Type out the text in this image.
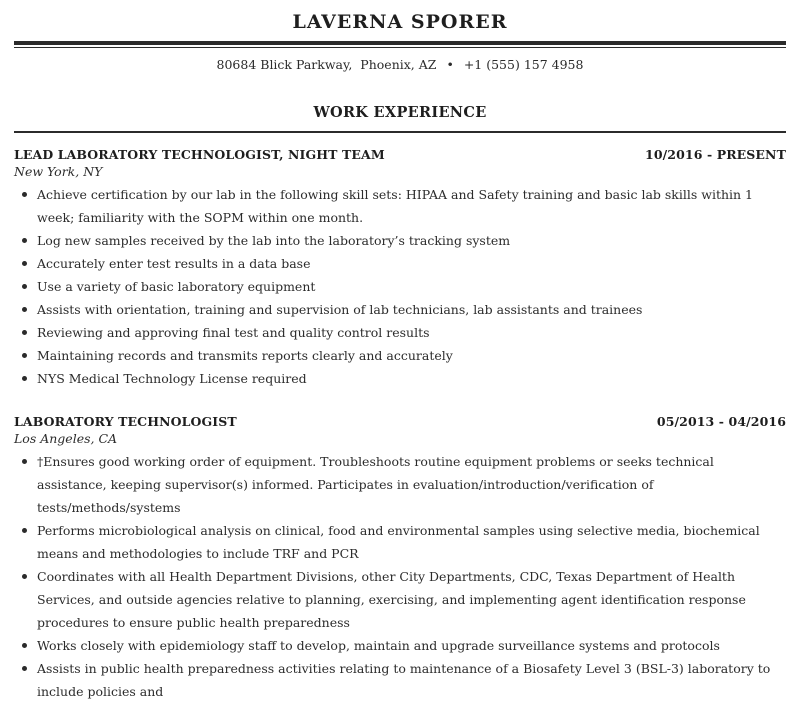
LAVERNA SPORER
80684 Blick Parkway,  Phoenix, AZ • +1 (555) 157 4958
WORK EXPERIENCE
LEAD LABORATORY TECHNOLOGIST, NIGHT TEAM	10/2016 - PRESENT
New York, NY
Achieve certification by our lab in the following skill sets: HIPAA and Safety training and basic lab skills within 1 week; familiarity with the SOPM within one month.
Log new samples received by the lab into the laboratory’s tracking system
Accurately enter test results in a data base
Use a variety of basic laboratory equipment
Assists with orientation, training and supervision of lab technicians, lab assistants and trainees
Reviewing and approving final test and quality control results
Maintaining records and transmits reports clearly and accurately
NYS Medical Technology License required
LABORATORY TECHNOLOGIST	05/2013 - 04/2016
Los Angeles, CA
†Ensures good working order of equipment. Troubleshoots routine equipment problems or seeks technical assistance, keeping supervisor(s) informed. Participates in evaluation/introduction/verification of tests/methods/systems
Performs microbiological analysis on clinical, food and environmental samples using selective media, biochemical means and methodologies to include TRF and PCR
Coordinates with all Health Department Divisions, other City Departments, CDC, Texas Department of Health Services, and outside agencies relative to planning, exercising, and implementing agent identification response procedures to ensure public health preparedness
Works closely with epidemiology staff to develop, maintain and upgrade surveillance systems and protocols
Assists in public health preparedness activities relating to maintenance of a Biosafety Level 3 (BSL-3) laboratory to include policies and
